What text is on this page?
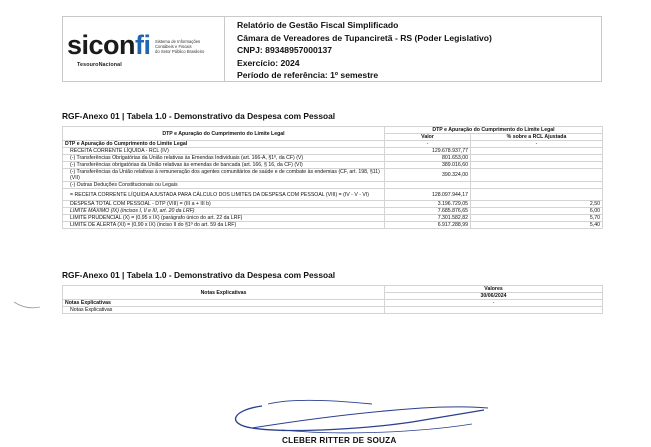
siconfi Sistema de Informações
Contábeis e Fiscais
do Setor Público Brasileiro
TesouroNacional
Relatório de Gestão Fiscal Simplificado
Câmara de Vereadores de Tupanciretã - RS (Poder Legislativo)
CNPJ: 89348957000137
Exercício: 2024
Período de referência: 1º semestre
RGF-Anexo 01 | Tabela 1.0 - Demonstrativo da Despesa com Pessoal
DTP e Apuração do Cumprimento do Limite Legal	DTP e Apuração do Cumprimento do Limite Legal	
	Valor	% sobre a RCL Ajustada
DTP e Apuração do Cumprimento do Limite Legal	-	-
RECEITA CORRENTE LÍQUIDA - RCL (IV)	129.678.937,77	
(-) Transferências Obrigatórias da União relativas às Emendas Individuais (art. 166-A, §1º, da CF) (V)	801.653,00	
(-) Transferências obrigatórias da União relativas às emendas de bancada (art. 166, § 16, da CF) (VI)	389.016,60	
(-) Transferências da União relativas à remuneração dos agentes comunitários de saúde e de combate às endemias (CF, art. 198, §11) (VII)	390.324,00	
(-) Outras Deduções Constitucionais ou Legais		
= RECEITA CORRENTE LÍQUIDA AJUSTADA PARA CÁLCULO DOS LIMITES DA DESPESA COM PESSOAL (VIII) = (IV - V - VI)	128.097.944,17	
DESPESA TOTAL COM PESSOAL - DTP (VIII) = (III a + III b)	3.196.729,05	2,50
LIMITE MÁXIMO (IX) (incisos I, II e III, art. 20 da LRF)	7.685.876,65	6,00
LIMITE PRUDENCIAL (X) = (0,95 x IX) (parágrafo único do art. 22 da LRF)	7.301.582,82	5,70
LIMITE DE ALERTA (XI) = (0,90 x IX) (inciso II do §1º do art. 59 da LRF)	6.917.288,99	5,40
RGF-Anexo 01 | Tabela 1.0 - Demonstrativo da Despesa com Pessoal
Notas Explicativas	Valores
	30/06/2024
Notas Explicativas	-
Notas Explicativas	
CLEBER RITTER DE SOUZA
